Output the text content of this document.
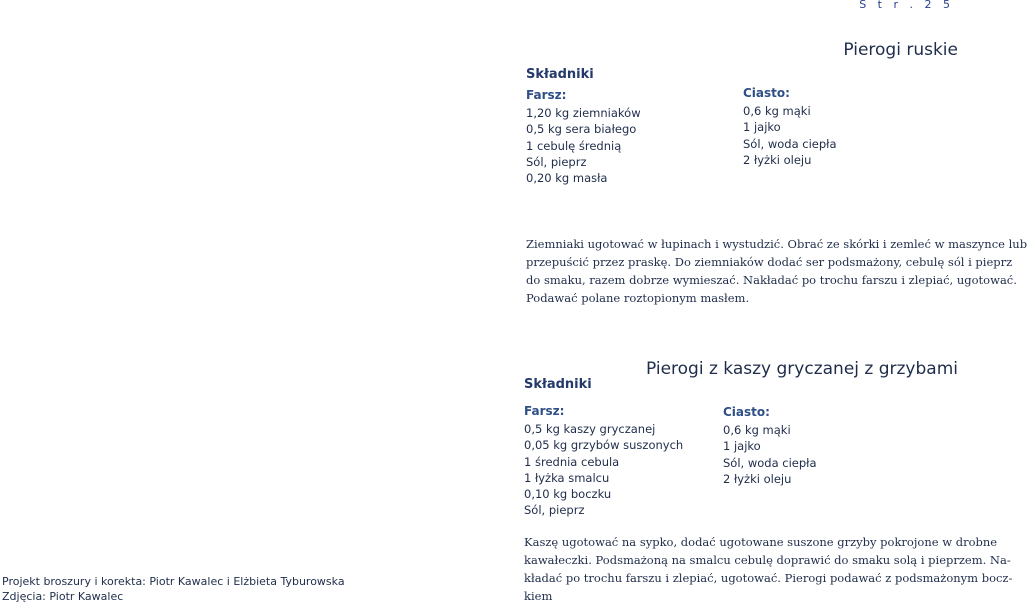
S t r . 2 5
Pierogi ruskie
Składniki
Farsz:
1,20 kg ziemniaków
0,5 kg sera białego
1 cebulę średnią
Sól, pieprz
0,20 kg masła
Ciasto:
0,6 kg mąki
1 jajko
Sól, woda ciepła
2 łyżki oleju
Ziemniaki ugotować w łupinach i wystudzić. Obrać ze skórki i zemleć w maszynce lub
przepuścić przez praskę. Do ziemniaków dodać ser podsmażony, cebulę sól i pieprz
do smaku, razem dobrze wymieszać. Nakładać po trochu farszu i zlepiać, ugotować.
Podawać polane roztopionym masłem.
Pierogi z kaszy gryczanej z grzybami
Składniki
Farsz:
0,5 kg kaszy gryczanej
0,05 kg grzybów suszonych
1 średnia cebula
1 łyżka smalcu
0,10 kg boczku
Sól, pieprz
Ciasto:
0,6 kg mąki
1 jajko
Sól, woda ciepła
2 łyżki oleju
Kaszę ugotować na sypko, dodać ugotowane suszone grzyby pokrojone w drobne
kawałeczki. Podsmażoną na smalcu cebulę doprawić do smaku solą i pieprzem. Na-
kładać po trochu farszu i zlepiać, ugotować. Pierogi podawać z podsmażonym bocz-
kiem
Projekt broszury i korekta: Piotr Kawalec i Elżbieta Tyburowska
Zdjęcia: Piotr Kawalec
